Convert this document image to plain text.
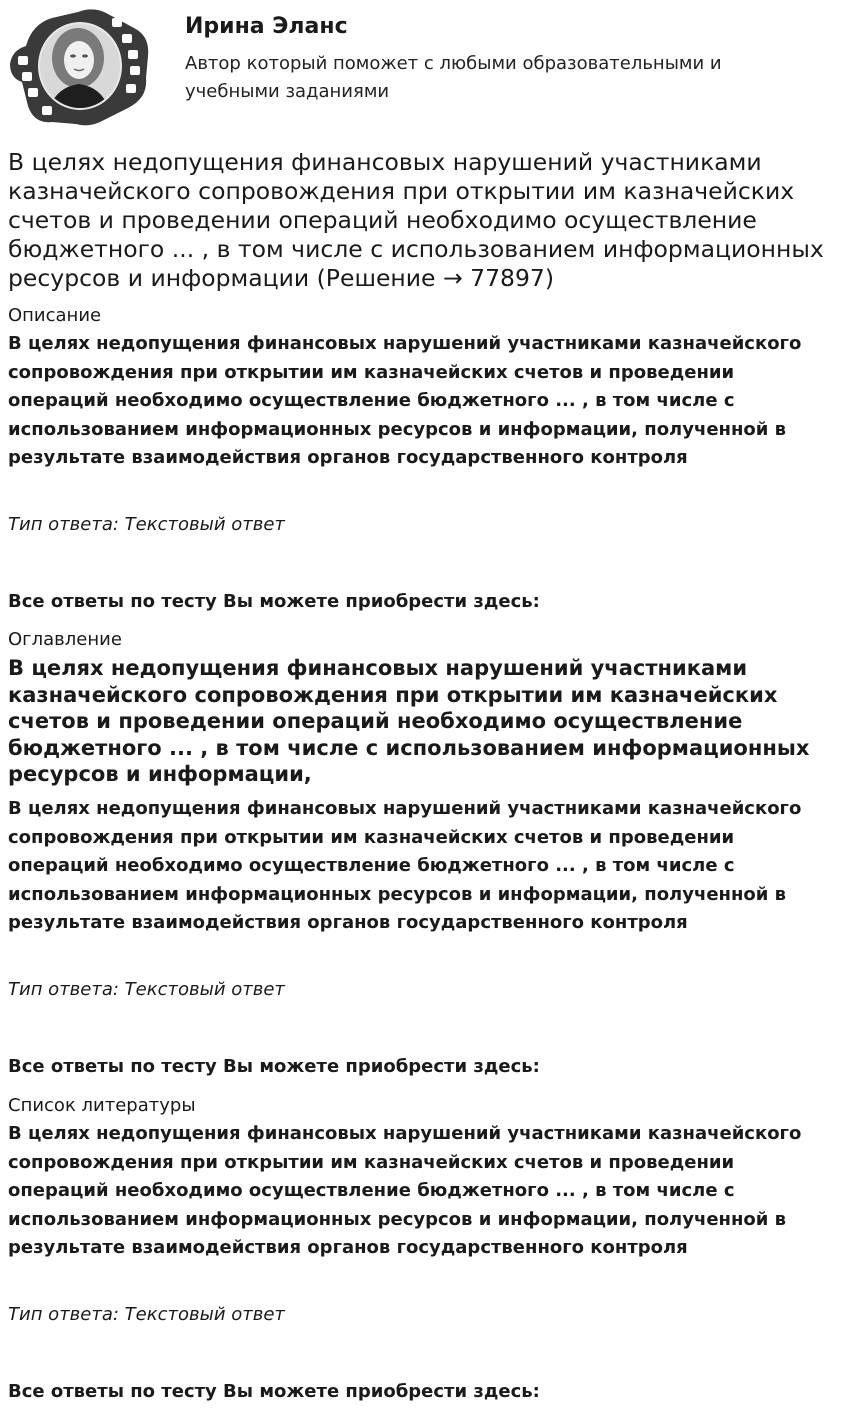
Ирина Эланс
Автор который поможет с любыми образовательными и учебными заданиями
В целях недопущения финансовых нарушений участниками казначейского сопровождения при открытии им казначейских счетов и проведении операций необходимо осуществление бюджетного ... , в том числе с использованием информационных ресурсов и информации (Решение → 77897)

Описание

В целях недопущения финансовых нарушений участниками казначейского сопровождения при открытии им казначейских счетов и проведении операций необходимо осуществление бюджетного ... , в том числе с использованием информационных ресурсов и информации, полученной в результате взаимодействия органов государственного контроля

Тип ответа: Текстовый ответ

Все ответы по тесту Вы можете приобрести здесь:

Оглавление

В целях недопущения финансовых нарушений участниками казначейского сопровождения при открытии им казначейских счетов и проведении операций необходимо осуществление бюджетного ... , в том числе с использованием информационных ресурсов и информации,

В целях недопущения финансовых нарушений участниками казначейского сопровождения при открытии им казначейских счетов и проведении операций необходимо осуществление бюджетного ... , в том числе с использованием информационных ресурсов и информации, полученной в результате взаимодействия органов государственного контроля

Тип ответа: Текстовый ответ

Все ответы по тесту Вы можете приобрести здесь:

Список литературы

В целях недопущения финансовых нарушений участниками казначейского сопровождения при открытии им казначейских счетов и проведении операций необходимо осуществление бюджетного ... , в том числе с использованием информационных ресурсов и информации, полученной в результате взаимодействия органов государственного контроля

Тип ответа: Текстовый ответ

Все ответы по тесту Вы можете приобрести здесь:
